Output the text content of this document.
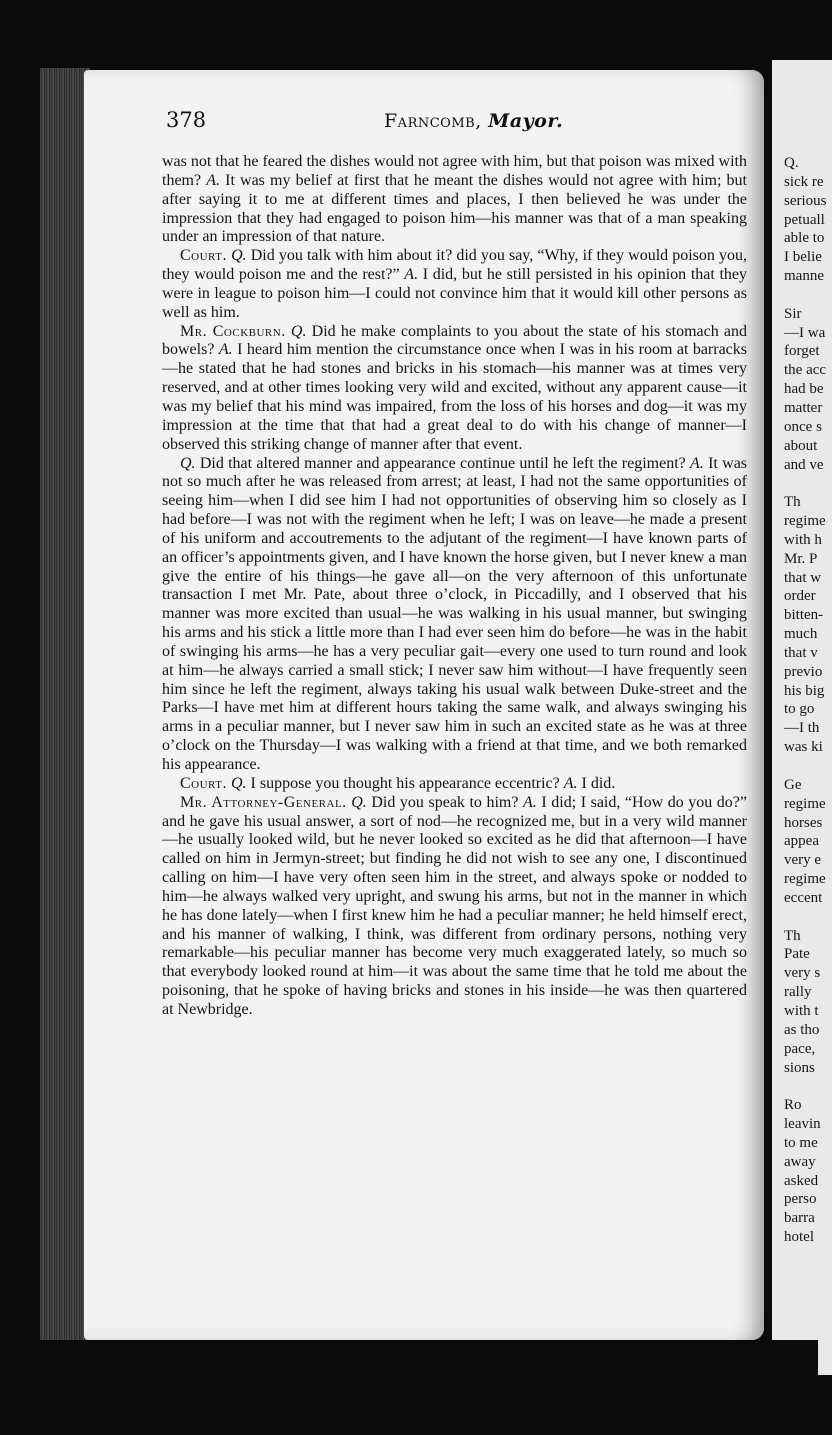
Q.
sick re
serious
petuall
able to
I belie
manne
Sir
—I wa
forget
the acc
had be
matter
once s
about
and ve
Th
regime
with h
Mr. P
that w
order
bitten-
much
that v
previo
his big
to go
—I th
was ki
Ge
regime
horses
appea
very e
regime
eccent
Th
Pate
very s
rally
with t
as tho
pace,
sions
Ro
leavin
to me
away
asked
perso
barra
hotel
378	Farncomb, Mayor.

was not that he feared the dishes would not agree with him, but that poison was mixed with them? A. It was my belief at first that he meant the dishes would not agree with him; but after saying it to me at different times and places, I then believed he was under the impression that they had engaged to poison him—his manner was that of a man speaking under an impression of that nature.

Court. Q. Did you talk with him about it? did you say, “Why, if they would poison you, they would poison me and the rest?” A. I did, but he still persisted in his opinion that they were in league to poison him—I could not convince him that it would kill other persons as well as him.

Mr. Cockburn. Q. Did he make complaints to you about the state of his stomach and bowels? A. I heard him mention the circumstance once when I was in his room at barracks—he stated that he had stones and bricks in his stomach—his manner was at times very reserved, and at other times looking very wild and excited, without any apparent cause—it was my belief that his mind was impaired, from the loss of his horses and dog—it was my impression at the time that that had a great deal to do with his change of manner—I observed this striking change of manner after that event.

Q. Did that altered manner and appearance continue until he left the regiment? A. It was not so much after he was released from arrest; at least, I had not the same opportunities of seeing him—when I did see him I had not opportunities of observing him so closely as I had before—I was not with the regiment when he left; I was on leave—he made a present of his uniform and accoutrements to the adjutant of the regiment—I have known parts of an officer’s appointments given, and I have known the horse given, but I never knew a man give the entire of his things—he gave all—on the very afternoon of this unfortunate transaction I met Mr. Pate, about three o’clock, in Piccadilly, and I observed that his manner was more excited than usual—he was walking in his usual manner, but swinging his arms and his stick a little more than I had ever seen him do before—he was in the habit of swinging his arms—he has a very peculiar gait—every one used to turn round and look at him—he always carried a small stick; I never saw him without—I have frequently seen him since he left the regiment, always taking his usual walk between Duke-street and the Parks—I have met him at different hours taking the same walk, and always swinging his arms in a peculiar manner, but I never saw him in such an excited state as he was at three o’clock on the Thursday—I was walking with a friend at that time, and we both remarked his appearance.

Court. Q. I suppose you thought his appearance eccentric? A. I did.

Mr. Attorney-General. Q. Did you speak to him? A. I did; I said, “How do you do?” and he gave his usual answer, a sort of nod—he recognized me, but in a very wild manner—he usually looked wild, but he never looked so excited as he did that afternoon—I have called on him in Jermyn-street; but finding he did not wish to see any one, I discontinued calling on him—I have very often seen him in the street, and always spoke or nodded to him—he always walked very upright, and swung his arms, but not in the manner in which he has done lately—when I first knew him he had a peculiar manner; he held himself erect, and his manner of walking, I think, was different from ordinary persons, nothing very remarkable—his peculiar manner has become very much exaggerated lately, so much so that everybody looked round at him—it was about the same time that he told me about the poisoning, that he spoke of having bricks and stones in his inside—he was then quartered at Newbridge.
